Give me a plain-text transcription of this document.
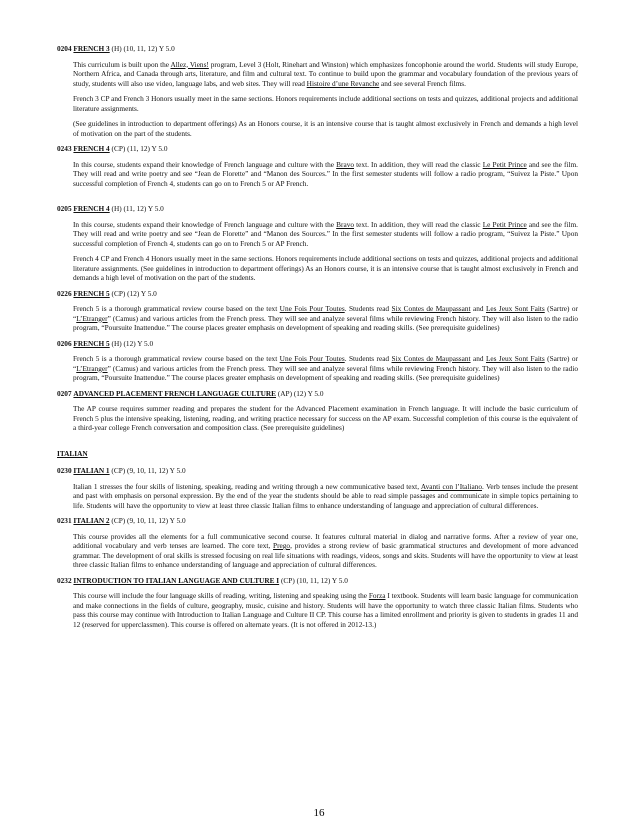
0204 FRENCH 3 (H) (10, 11, 12) Y 5.0

This curriculum is built upon the Allez, Viens! program, Level 3 (Holt, Rinehart and Winston) which emphasizes foncophonie around the world. Students will study Europe, Northern Africa, and Canada through arts, literature, and film and cultural text. To continue to build upon the grammar and vocabulary foundation of the previous years of study, students will also use video, language labs, and web sites. They will read Histoire d’une Revanche and see several French films.

French 3 CP and French 3 Honors usually meet in the same sections. Honors requirements include additional sections on tests and quizzes, additional projects and additional literature assignments.

(See guidelines in introduction to department offerings) As an Honors course, it is an intensive course that is taught almost exclusively in French and demands a high level of motivation on the part of the students.

0243 FRENCH 4 (CP) (11, 12) Y 5.0

In this course, students expand their knowledge of French language and culture with the Bravo text. In addition, they will read the classic Le Petit Prince and see the film. They will read and write poetry and see “Jean de Florette” and “Manon des Sources.” In the first semester students will follow a radio program, “Suivez la Piste.” Upon successful completion of French 4, students can go on to French 5 or AP French.

0205 FRENCH 4 (H) (11, 12) Y 5.0

In this course, students expand their knowledge of French language and culture with the Bravo text. In addition, they will read the classic Le Petit Prince and see the film. They will read and write poetry and see “Jean de Florette” and “Manon des Sources.” In the first semester students will follow a radio program, “Suivez la Piste.” Upon successful completion of French 4, students can go on to French 5 or AP French.

French 4 CP and French 4 Honors usually meet in the same sections. Honors requirements include additional sections on tests and quizzes, additional projects and additional literature assignments. (See guidelines in introduction to department offerings) As an Honors course, it is an intensive course that is taught almost exclusively in French and demands a high level of motivation on the part of the students.

0226 FRENCH 5 (CP) (12) Y 5.0

French 5 is a thorough grammatical review course based on the text Une Fois Pour Toutes. Students read Six Contes de Maupassant and Les Jeux Sont Faits (Sartre) or “L’Etranger” (Camus) and various articles from the French press. They will see and analyze several films while reviewing French history. They will also listen to the radio program, “Poursuite Inattendue.” The course places greater emphasis on development of speaking and reading skills. (See prerequisite guidelines)

0206 FRENCH 5 (H) (12) Y 5.0

French 5 is a thorough grammatical review course based on the text Une Fois Pour Toutes. Students read Six Contes de Maupassant and Les Jeux Sont Faits (Sartre) or “L’Etranger” (Camus) and various articles from the French press. They will see and analyze several films while reviewing French history. They will also listen to the radio program, “Poursuite Inattendue.” The course places greater emphasis on development of speaking and reading skills. (See prerequisite guidelines)

0207 ADVANCED PLACEMENT FRENCH LANGUAGE CULTURE (AP) (12) Y 5.0

The AP course requires summer reading and prepares the student for the Advanced Placement examination in French language. It will include the basic curriculum of French 5 plus the intensive speaking, listening, reading, and writing practice necessary for success on the AP exam. Successful completion of this course is the equivalent of a third-year college French conversation and composition class. (See prerequisite guidelines)

ITALIAN
0230 ITALIAN 1 (CP) (9, 10, 11, 12) Y 5.0

Italian 1 stresses the four skills of listening, speaking, reading and writing through a new communicative based text, Avanti con l’Italiano. Verb tenses include the present and past with emphasis on personal expression. By the end of the year the students should be able to read simple passages and communicate in simple topics pertaining to life. Students will have the opportunity to view at least three classic Italian films to enhance understanding of language and appreciation of cultural differences.

0231 ITALIAN 2 (CP) (9, 10, 11, 12) Y 5.0

This course provides all the elements for a full communicative second course. It features cultural material in dialog and narrative forms. After a review of year one, additional vocabulary and verb tenses are learned. The core text, Prego, provides a strong review of basic grammatical structures and development of more advanced grammar. The development of oral skills is stressed focusing on real life situations with readings, videos, songs and skits. Students will have the opportunity to view at least three classic Italian films to enhance understanding of language and appreciation of cultural differences.

0232 INTRODUCTION TO ITALIAN LANGUAGE AND CULTURE I (CP) (10, 11, 12) Y 5.0

This course will include the four language skills of reading, writing, listening and speaking using the Forza I textbook. Students will learn basic language for communication and make connections in the fields of culture, geography, music, cuisine and history. Students will have the opportunity to watch three classic Italian films. Students who pass this course may continue with Introduction to Italian Language and Culture II CP. This course has a limited enrollment and priority is given to students in grades 11 and 12 (reserved for upperclassmen). This course is offered on alternate years. (It is not offered in 2012-13.)

16
